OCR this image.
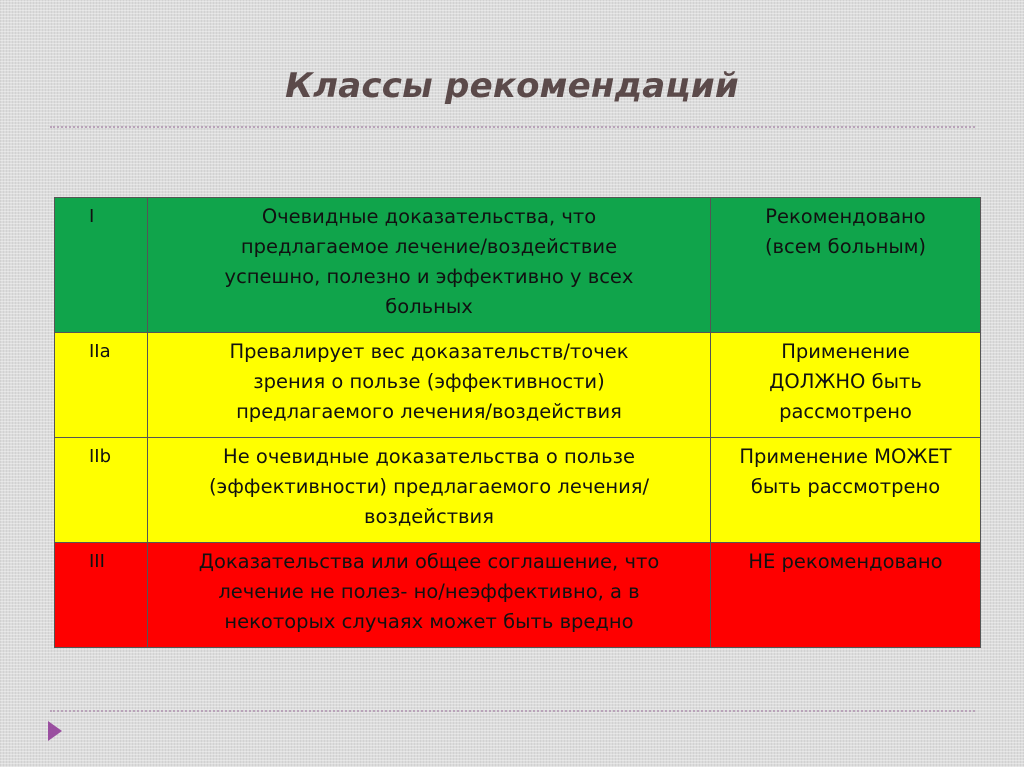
Классы рекомендаций
I	Очевидные доказательства, что предлагаемое лечение/воздействие успешно, полезно и эффективно у всех больных	Рекомендовано (всем больным)

IIa	Превалирует вес доказательств/точек зрения о пользе (эффективности) предлагаемого лечения/воздействия	Применение ДОЛЖНО быть рассмотрено

IIb	Не очевидные доказательства о пользе (эффективности) предлагаемого лечения/воздействия	Применение МОЖЕТ быть рассмотрено

III	Доказательства или общее соглашение, что лечение не полез- но/неэффективно, а в некоторых случаях может быть вредно	НЕ рекомендовано
